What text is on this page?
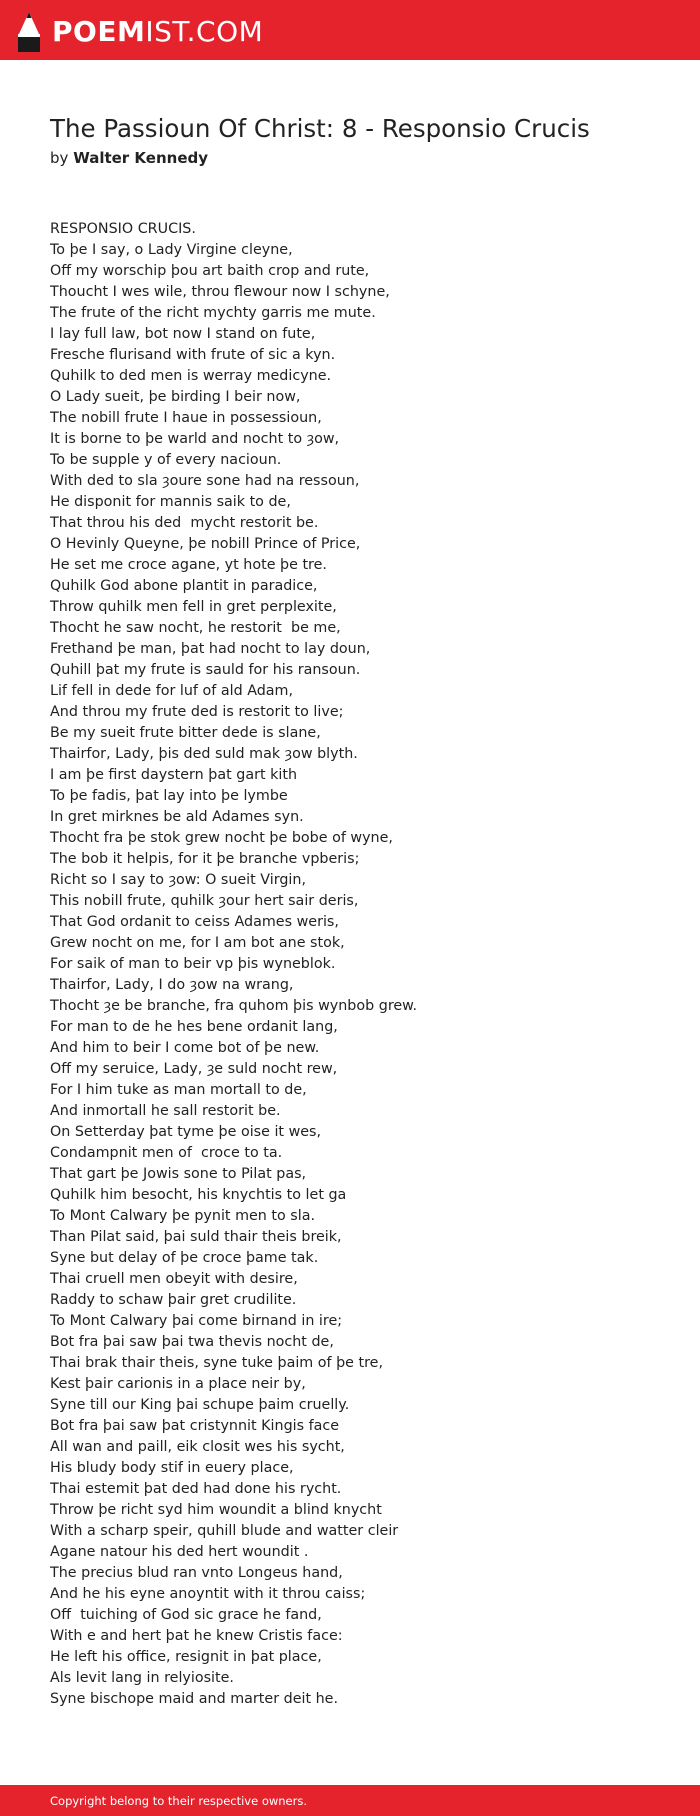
POEMIST.COM
The Passioun Of Christ: 8 - Responsio Crucis
by Walter Kennedy
RESPONSIO CRUCIS.
To þe I say, o Lady Virgine cleyne,
Off my worschip þou art baith crop and rute,
Thoucht I wes wile, throu flewour now I schyne,
The frute of the richt mychty garris me mute.
I lay full law, bot now I stand on fute,
Fresche flurisand with frute of sic a kyn.
Quhilk to ded men is werray medicyne.
O Lady sueit, þe birding I beir now,
The nobill frute I haue in possessioun,
It is borne to þe warld and nocht to ȝow,
To be supple y of every nacioun.
With ded to sla ȝoure sone had na ressoun,
He disponit for mannis saik to de,
That throu his ded  mycht restorit be.
O Hevinly Queyne, þe nobill Prince of Price,
He set me croce agane, yt hote þe tre.
Quhilk God abone plantit in paradice,
Throw quhilk men fell in gret perplexite,
Thocht he saw nocht, he restorit  be me,
Frethand þe man, þat had nocht to lay doun,
Quhill þat my frute is sauld for his ransoun.
Lif fell in dede for luf of ald Adam,
And throu my frute ded is restorit to live;
Be my sueit frute bitter dede is slane,
Thairfor, Lady, þis ded suld mak ȝow blyth.
I am þe first daystern þat gart kith
To þe fadis, þat lay into þe lymbe
In gret mirknes be ald Adames syn.
Thocht fra þe stok grew nocht þe bobe of wyne,
The bob it helpis, for it þe branche vpberis;
Richt so I say to ȝow: O sueit Virgin,
This nobill frute, quhilk ȝour hert sair deris,
That God ordanit to ceiss Adames weris,
Grew nocht on me, for I am bot ane stok,
For saik of man to beir vp þis wyneblok.
Thairfor, Lady, I do ȝow na wrang,
Thocht ȝe be branche, fra quhom þis wynbob grew.
For man to de he hes bene ordanit lang,
And him to beir I come bot of þe new.
Off my seruice, Lady, ȝe suld nocht rew,
For I him tuke as man mortall to de,
And inmortall he sall restorit be.
On Setterday þat tyme þe oise it wes,
Condampnit men of  croce to ta.
That gart þe Jowis sone to Pilat pas,
Quhilk him besocht, his knychtis to let ga
To Mont Calwary þe pynit men to sla.
Than Pilat said, þai suld thair theis breik,
Syne but delay of þe croce þame tak.
Thai cruell men obeyit with desire,
Raddy to schaw þair gret crudilite.
To Mont Calwary þai come birnand in ire;
Bot fra þai saw þai twa thevis nocht de,
Thai brak thair theis, syne tuke þaim of þe tre,
Kest þair carionis in a place neir by,
Syne till our King þai schupe þaim cruelly.
Bot fra þai saw þat cristynnit Kingis face
All wan and paill, eik closit wes his sycht,
His bludy body stif in euery place,
Thai estemit þat ded had done his rycht.
Throw þe richt syd him woundit a blind knycht
With a scharp speir, quhill blude and watter cleir
Agane natour his ded hert woundit .
The precius blud ran vnto Longeus hand,
And he his eyne anoyntit with it throu caiss;
Off  tuiching of God sic grace he fand,
With e and hert þat he knew Cristis face:
He left his office, resignit in þat place,
Als levit lang in relyiosite.
Syne bischope maid and marter deit he.
Copyright belong to their respective owners.
